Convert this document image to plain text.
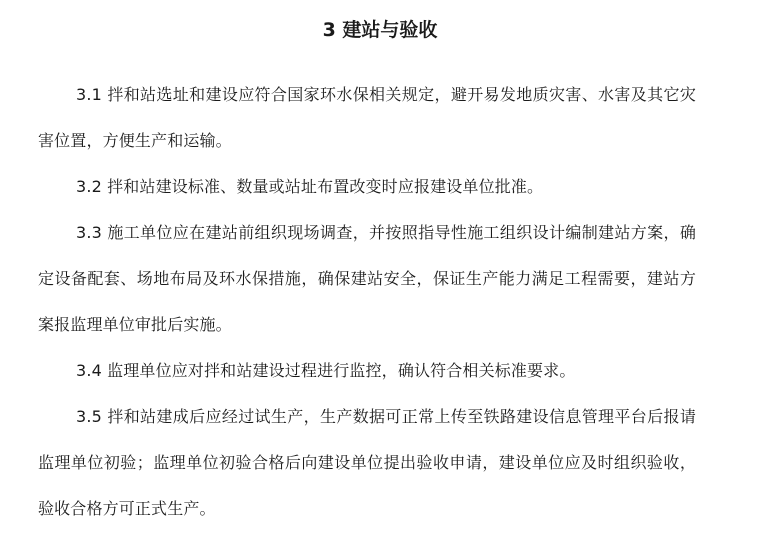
3 建站与验收

3.1 拌和站选址和建设应符合国家环水保相关规定，避开易发地质灾害、水害及其它灾害位置，方便生产和运输。

3.2 拌和站建设标准、数量或站址布置改变时应报建设单位批准。

3.3 施工单位应在建站前组织现场调查，并按照指导性施工组织设计编制建站方案，确定设备配套、场地布局及环水保措施，确保建站安全，保证生产能力满足工程需要，建站方案报监理单位审批后实施。

3.4 监理单位应对拌和站建设过程进行监控，确认符合相关标准要求。

3.5 拌和站建成后应经过试生产，生产数据可正常上传至铁路建设信息管理平台后报请监理单位初验；监理单位初验合格后向建设单位提出验收申请，建设单位应及时组织验收，验收合格方可正式生产。
